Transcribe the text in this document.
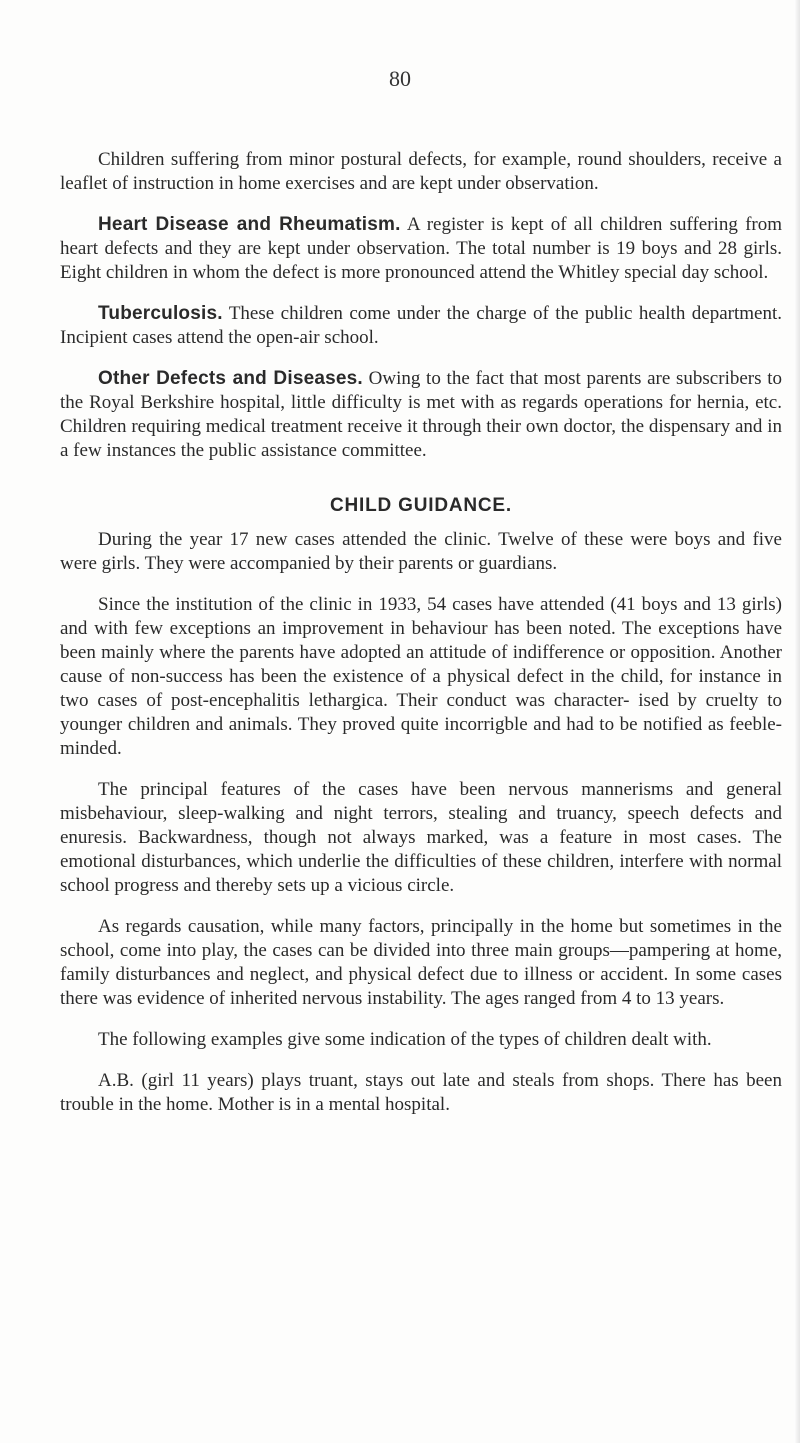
80

Children suffering from minor postural defects, for example, round shoulders, receive a leaflet of instruction in home exercises and are kept under observation.

Heart Disease and Rheumatism. A register is kept of all children suffering from heart defects and they are kept under observation. The total number is 19 boys and 28 girls. Eight children in whom the defect is more pronounced attend the Whitley special day school.

Tuberculosis. These children come under the charge of the public health department. Incipient cases attend the open-air school.

Other Defects and Diseases. Owing to the fact that most parents are subscribers to the Royal Berkshire hospital, little difficulty is met with as regards operations for hernia, etc. Children requiring medical treatment receive it through their own doctor, the dispensary and in a few instances the public assistance committee.

CHILD GUIDANCE.

During the year 17 new cases attended the clinic. Twelve of these were boys and five were girls. They were accompanied by their parents or guardians.

Since the institution of the clinic in 1933, 54 cases have attended (41 boys and 13 girls) and with few exceptions an improvement in behaviour has been noted. The exceptions have been mainly where the parents have adopted an attitude of indifference or opposition. Another cause of non-success has been the existence of a physical defect in the child, for instance in two cases of post-encephalitis lethargica. Their conduct was character- ised by cruelty to younger children and animals. They proved quite incorrigble and had to be notified as feeble-minded.

The principal features of the cases have been nervous mannerisms and general misbehaviour, sleep-walking and night terrors, stealing and truancy, speech defects and enuresis. Backwardness, though not always marked, was a feature in most cases. The emotional disturbances, which underlie the difficulties of these children, interfere with normal school progress and thereby sets up a vicious circle.

As regards causation, while many factors, principally in the home but sometimes in the school, come into play, the cases can be divided into three main groups—pampering at home, family disturbances and neglect, and physical defect due to illness or accident. In some cases there was evidence of inherited nervous instability. The ages ranged from 4 to 13 years.

The following examples give some indication of the types of children dealt with.

A.B. (girl 11 years) plays truant, stays out late and steals from shops. There has been trouble in the home. Mother is in a mental hospital.
